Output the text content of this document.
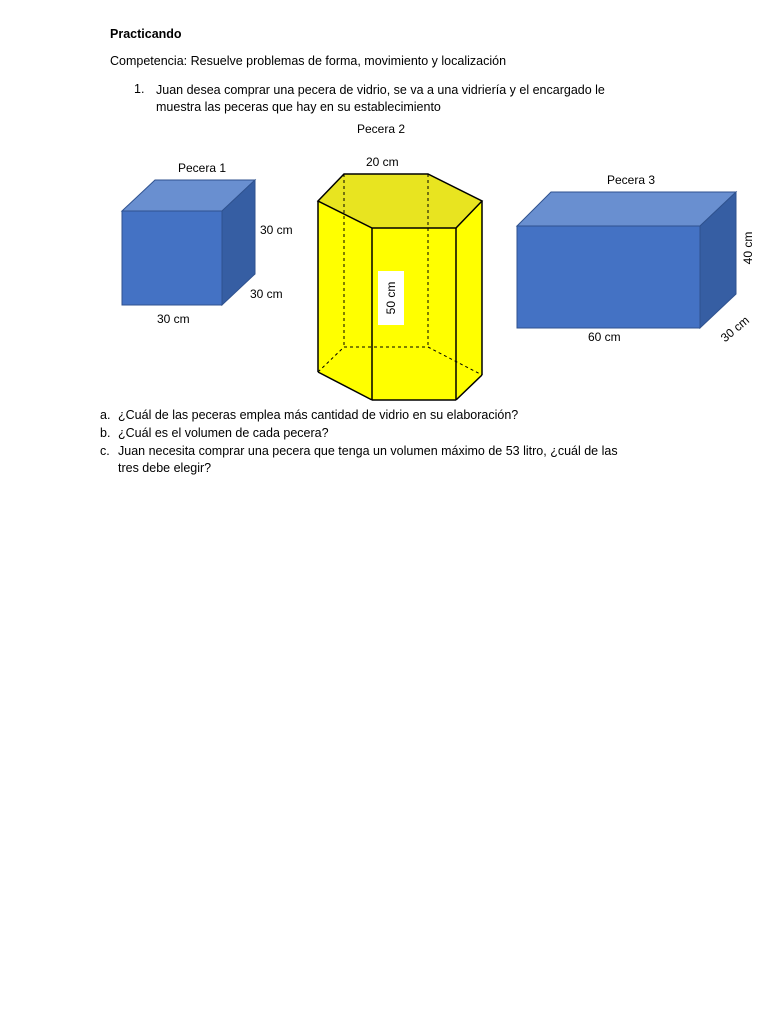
Practicando
Competencia: Resuelve problemas de forma, movimiento y localización
1. Juan desea comprar una pecera de vidrio, se va a una vidriería y el encargado le muestra las peceras que hay en su establecimiento
Pecera 1
30 cm
30 cm
30 cm
Pecera 2
20 cm
50 cm
Pecera 3
40 cm
60 cm	30 cm
a. ¿Cuál de las peceras emplea más cantidad de vidrio en su elaboración?
b. ¿Cuál es el volumen de cada pecera?
c. Juan necesita comprar una pecera que tenga un volumen máximo de 53 litro, ¿cuál de las tres debe elegir?
